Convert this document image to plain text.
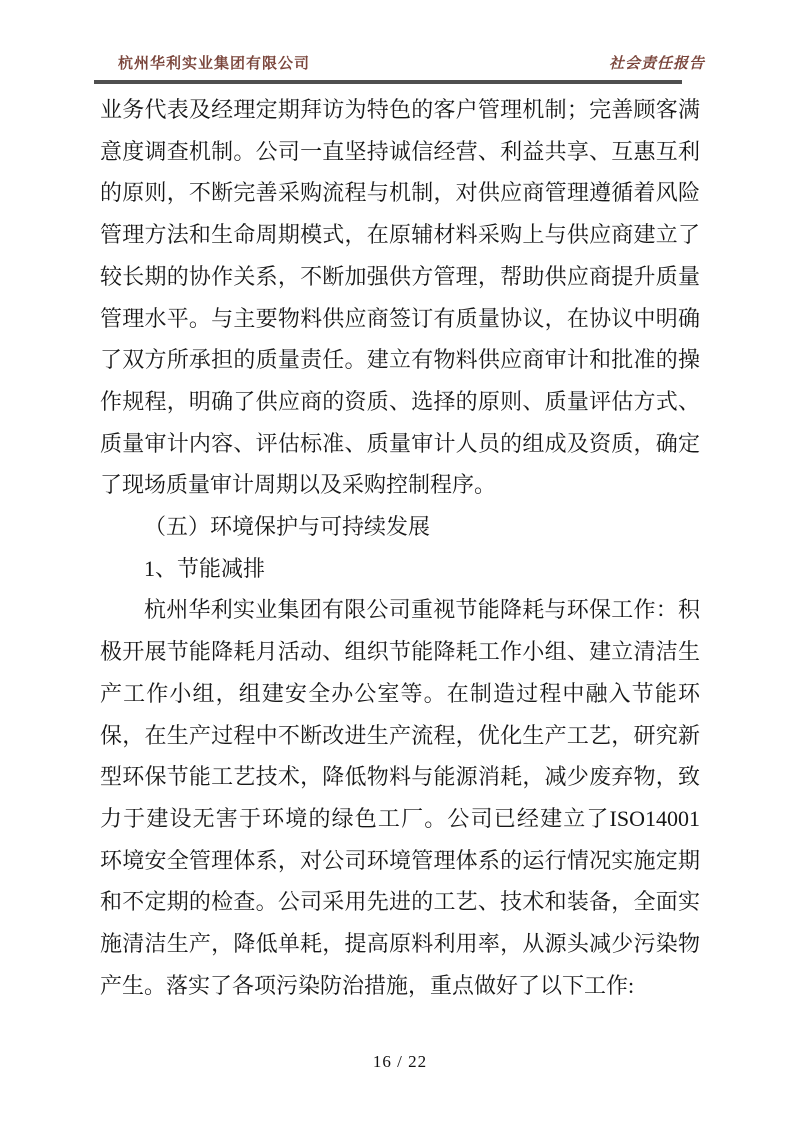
杭州华利实业集团有限公司	社会责任报告

业务代表及经理定期拜访为特色的客户管理机制；完善顾客满意度调查机制。公司一直坚持诚信经营、利益共享、互惠互利的原则，不断完善采购流程与机制，对供应商管理遵循着风险管理方法和生命周期模式，在原辅材料采购上与供应商建立了较长期的协作关系，不断加强供方管理，帮助供应商提升质量管理水平。与主要物料供应商签订有质量协议，在协议中明确了双方所承担的质量责任。建立有物料供应商审计和批准的操作规程，明确了供应商的资质、选择的原则、质量评估方式、质量审计内容、评估标准、质量审计人员的组成及资质，确定了现场质量审计周期以及采购控制程序。

（五）环境保护与可持续发展

1、节能减排

杭州华利实业集团有限公司重视节能降耗与环保工作：积极开展节能降耗月活动、组织节能降耗工作小组、建立清洁生产工作小组，组建安全办公室等。在制造过程中融入节能环保，在生产过程中不断改进生产流程，优化生产工艺，研究新型环保节能工艺技术，降低物料与能源消耗，减少废弃物，致力于建设无害于环境的绿色工厂。公司已经建立了ISO14001 环境安全管理体系，对公司环境管理体系的运行情况实施定期和不定期的检查。公司采用先进的工艺、技术和装备，全面实施清洁生产，降低单耗，提高原料利用率，从源头减少污染物产生。落实了各项污染防治措施，重点做好了以下工作:

16 / 22
